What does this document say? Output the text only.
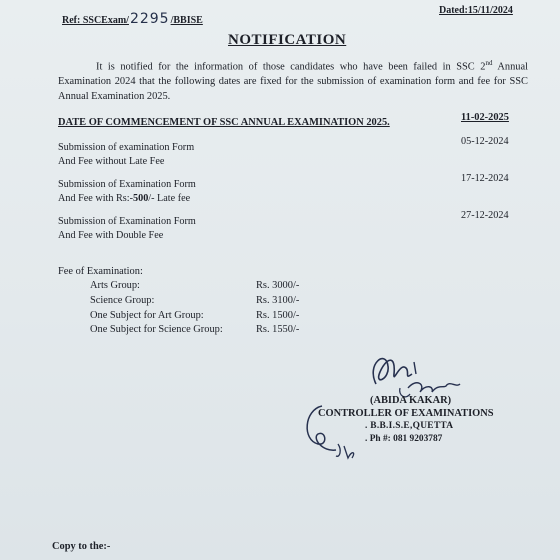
Ref: SSCExam/2295/BBISE
Dated:15/11/2024
NOTIFICATION
It is notified for the information of those candidates who have been failed in SSC 2nd Annual Examination 2024 that the following dates are fixed for the submission of examination form and fee for SSC Annual Examination 2025.
DATE OF COMMENCEMENT OF SSC ANNUAL EXAMINATION 2025.	11-02-2025
Submission of examination Form
And Fee without Late Fee
05-12-2024
Submission of Examination Form
And Fee with Rs:-500/- Late fee
17-12-2024
Submission of Examination Form
And Fee with Double Fee
27-12-2024
Fee of Examination:
Arts Group:	Rs. 3000/-
Science Group:	Rs. 3100/-
One Subject for Art Group:	Rs. 1500/-
One Subject for Science Group:	Rs. 1550/-
(ABIDA KAKAR)
CONTROLLER OF EXAMINATIONS
. B.B.I.S.E,QUETTA
. Ph #: 081 9203787
Copy to the:-
